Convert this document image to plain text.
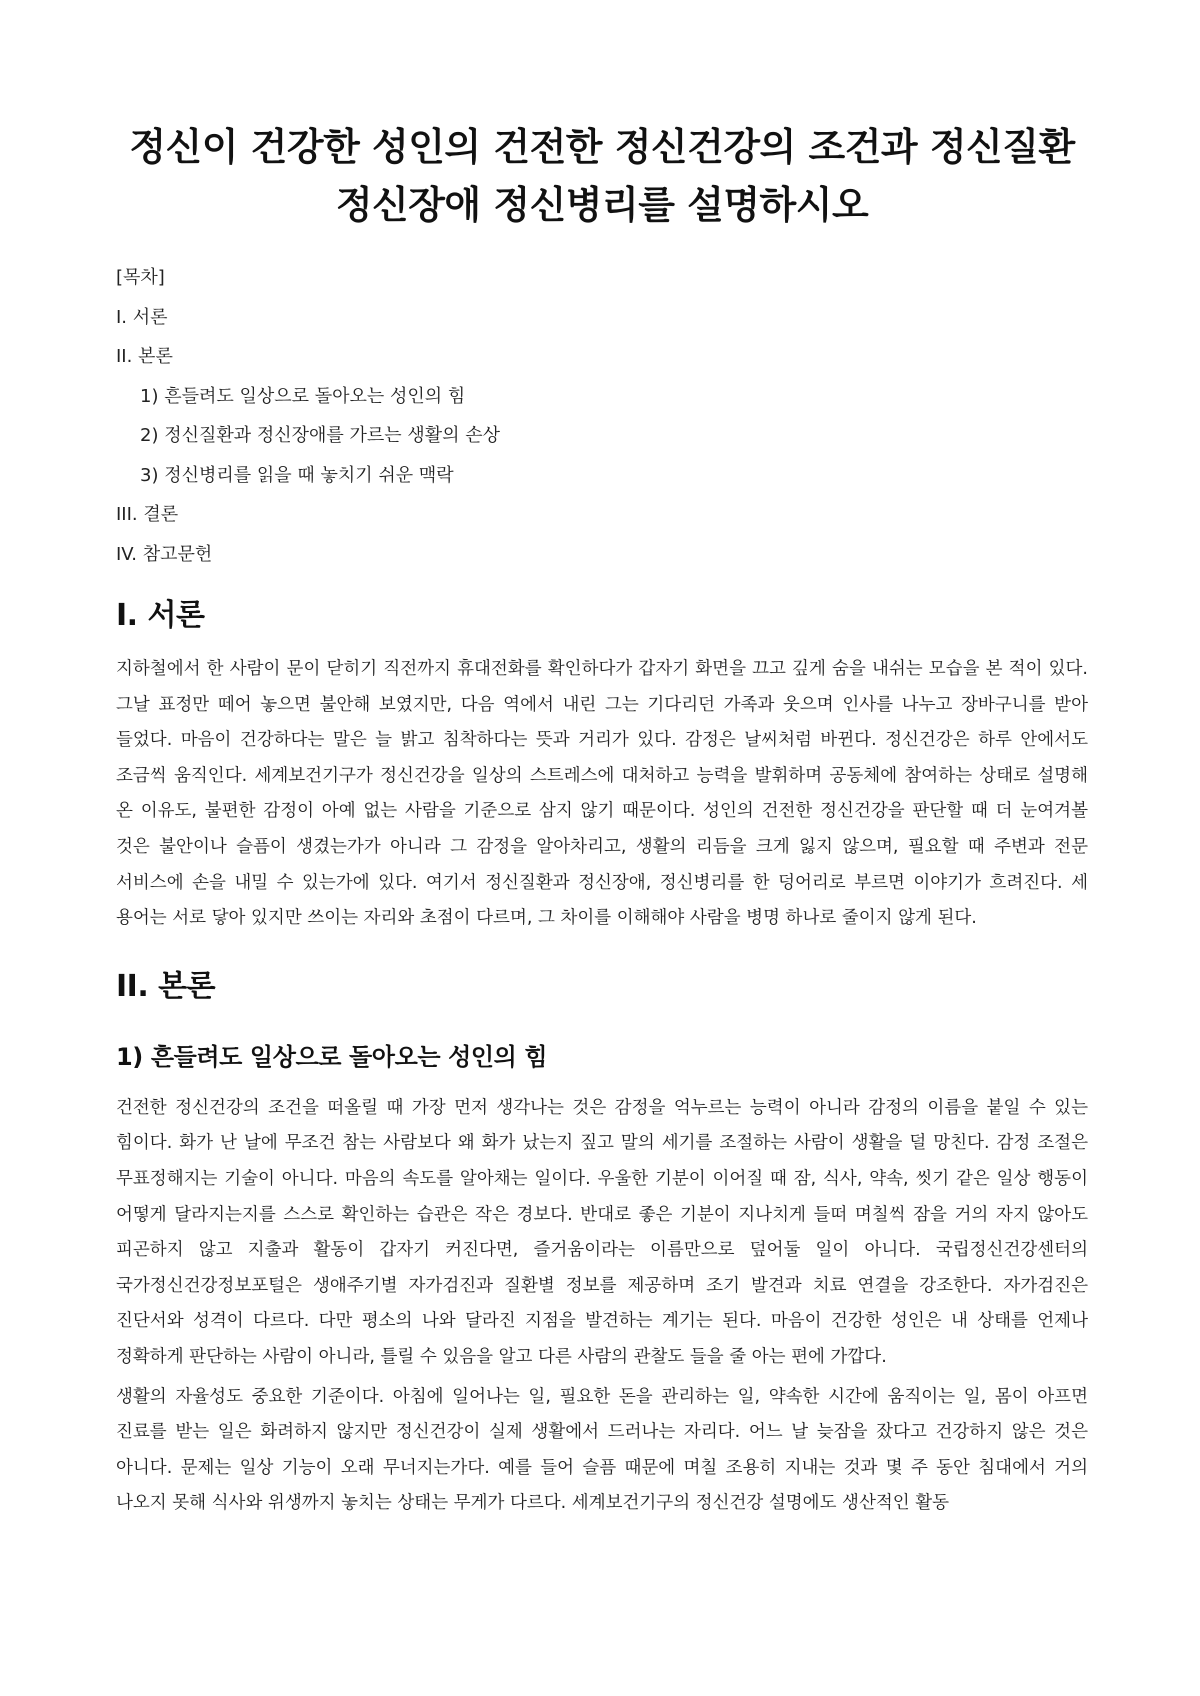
정신이 건강한 성인의 건전한 정신건강의 조건과 정신질환 정신장애 정신병리를 설명하시오
[목차]
I. 서론
II. 본론
1) 흔들려도 일상으로 돌아오는 성인의 힘
2) 정신질환과 정신장애를 가르는 생활의 손상
3) 정신병리를 읽을 때 놓치기 쉬운 맥락
III. 결론
IV. 참고문헌
I. 서론

지하철에서 한 사람이 문이 닫히기 직전까지 휴대전화를 확인하다가 갑자기 화면을 끄고 깊게 숨을 내쉬는 모습을 본 적이 있다. 그날 표정만 떼어 놓으면 불안해 보였지만, 다음 역에서 내린 그는 기다리던 가족과 웃으며 인사를 나누고 장바구니를 받아 들었다. 마음이 건강하다는 말은 늘 밝고 침착하다는 뜻과 거리가 있다. 감정은 날씨처럼 바뀐다. 정신건강은 하루 안에서도 조금씩 움직인다. 세계보건기구가 정신건강을 일상의 스트레스에 대처하고 능력을 발휘하며 공동체에 참여하는 상태로 설명해 온 이유도, 불편한 감정이 아예 없는 사람을 기준으로 삼지 않기 때문이다. 성인의 건전한 정신건강을 판단할 때 더 눈여겨볼 것은 불안이나 슬픔이 생겼는가가 아니라 그 감정을 알아차리고, 생활의 리듬을 크게 잃지 않으며, 필요할 때 주변과 전문 서비스에 손을 내밀 수 있는가에 있다. 여기서 정신질환과 정신장애, 정신병리를 한 덩어리로 부르면 이야기가 흐려진다. 세 용어는 서로 닿아 있지만 쓰이는 자리와 초점이 다르며, 그 차이를 이해해야 사람을 병명 하나로 줄이지 않게 된다.

II. 본론
1) 흔들려도 일상으로 돌아오는 성인의 힘

건전한 정신건강의 조건을 떠올릴 때 가장 먼저 생각나는 것은 감정을 억누르는 능력이 아니라 감정의 이름을 붙일 수 있는 힘이다. 화가 난 날에 무조건 참는 사람보다 왜 화가 났는지 짚고 말의 세기를 조절하는 사람이 생활을 덜 망친다. 감정 조절은 무표정해지는 기술이 아니다. 마음의 속도를 알아채는 일이다. 우울한 기분이 이어질 때 잠, 식사, 약속, 씻기 같은 일상 행동이 어떻게 달라지는지를 스스로 확인하는 습관은 작은 경보다. 반대로 좋은 기분이 지나치게 들떠 며칠씩 잠을 거의 자지 않아도 피곤하지 않고 지출과 활동이 갑자기 커진다면, 즐거움이라는 이름만으로 덮어둘 일이 아니다. 국립정신건강센터의 국가정신건강정보포털은 생애주기별 자가검진과 질환별 정보를 제공하며 조기 발견과 치료 연결을 강조한다. 자가검진은 진단서와 성격이 다르다. 다만 평소의 나와 달라진 지점을 발견하는 계기는 된다. 마음이 건강한 성인은 내 상태를 언제나 정확하게 판단하는 사람이 아니라, 틀릴 수 있음을 알고 다른 사람의 관찰도 들을 줄 아는 편에 가깝다.

생활의 자율성도 중요한 기준이다. 아침에 일어나는 일, 필요한 돈을 관리하는 일, 약속한 시간에 움직이는 일, 몸이 아프면 진료를 받는 일은 화려하지 않지만 정신건강이 실제 생활에서 드러나는 자리다. 어느 날 늦잠을 잤다고 건강하지 않은 것은 아니다. 문제는 일상 기능이 오래 무너지는가다. 예를 들어 슬픔 때문에 며칠 조용히 지내는 것과 몇 주 동안 침대에서 거의 나오지 못해 식사와 위생까지 놓치는 상태는 무게가 다르다. 세계보건기구의 정신건강 설명에도 생산적인 활동
